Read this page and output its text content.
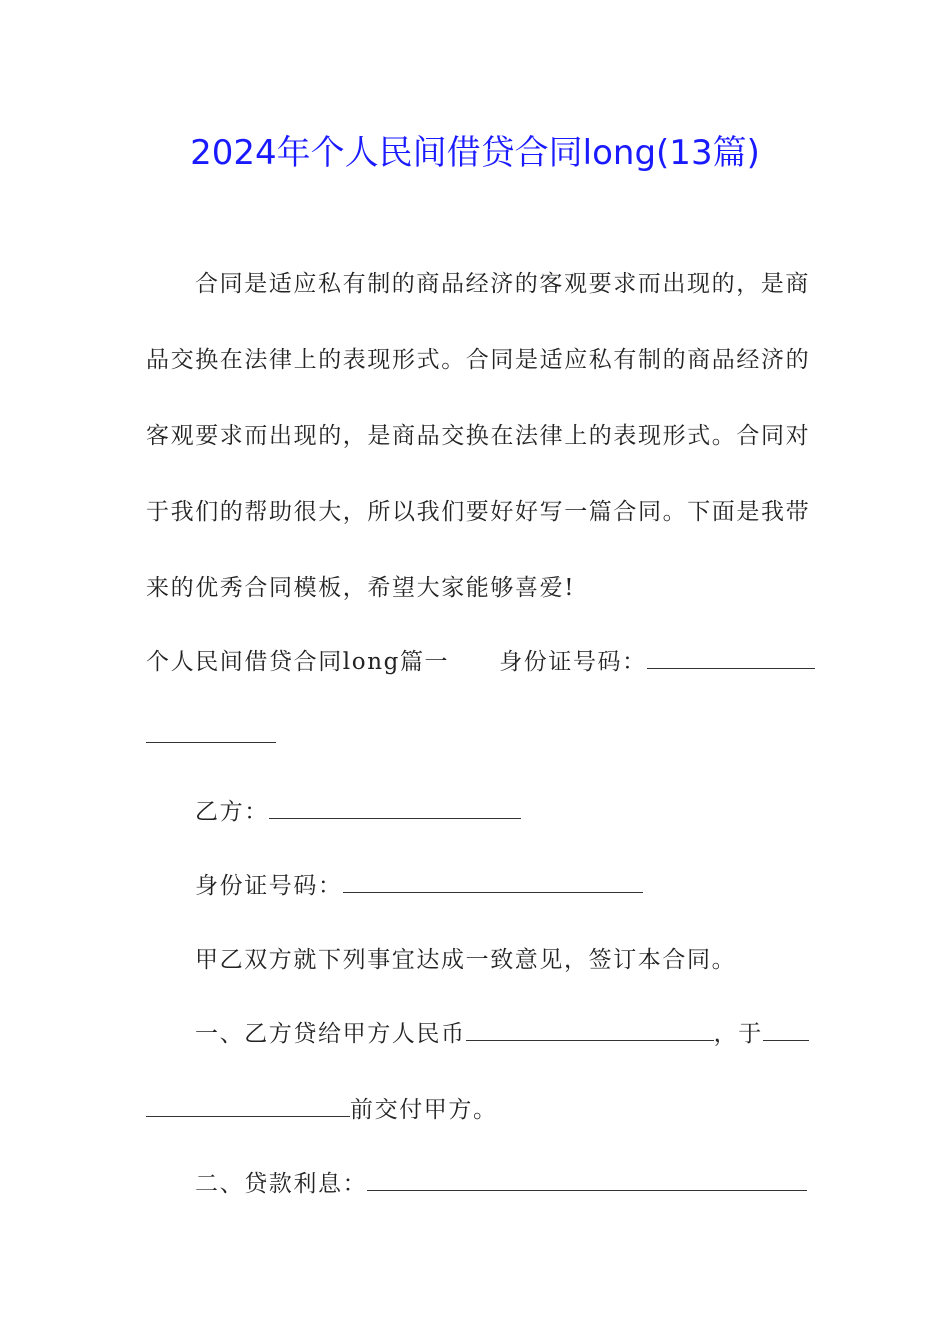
2024年个人民间借贷合同long(13篇)
合同是适应私有制的商品经济的客观要求而出现的，是商
品交换在法律上的表现形式。合同是适应私有制的商品经济的
客观要求而出现的，是商品交换在法律上的表现形式。合同对
于我们的帮助很大，所以我们要好好写一篇合同。下面是我带
来的优秀合同模板，希望大家能够喜爱!
个人民间借贷合同long篇一 身份证号码：
乙方：
身份证号码：
甲乙双方就下列事宜达成一致意见，签订本合同。
一、乙方贷给甲方人民币	，于
前交付甲方。
二、贷款利息：
